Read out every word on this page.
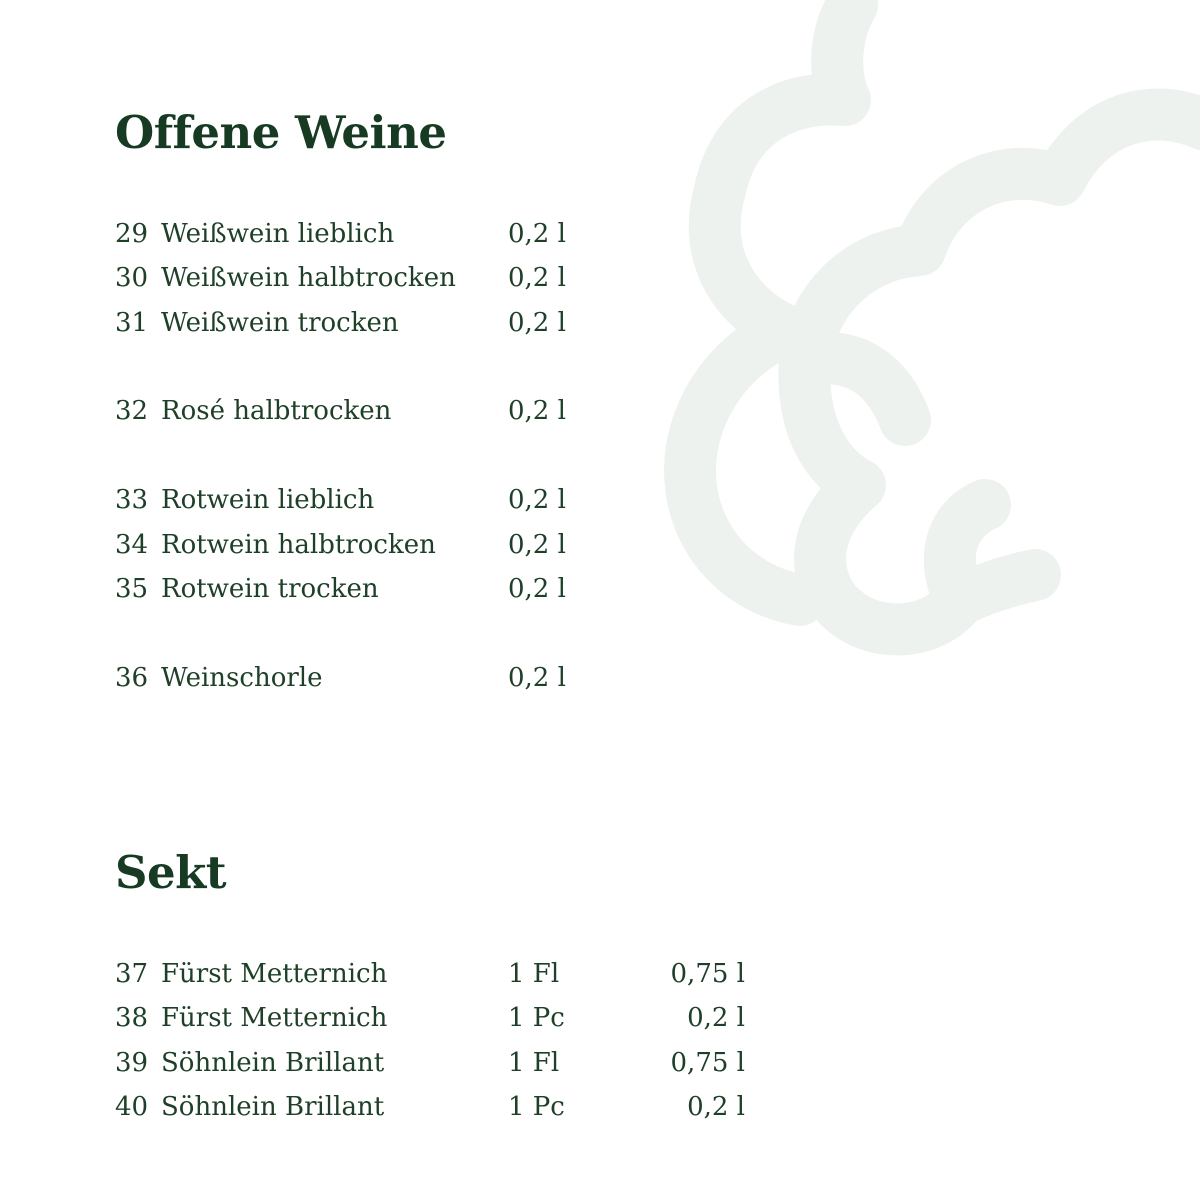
Offene Weine
29 Weißwein lieblich	0,2 l
30 Weißwein halbtrocken 0,2 l
31 Weißwein trocken	0,2 l
32 Rosé halbtrocken	0,2 l
33 Rotwein lieblich	0,2 l
34 Rotwein halbtrocken	0,2 l
35 Rotwein trocken	0,2 l
36 Weinschorle	0,2 l
Sekt
37 Fürst Metternich	1 Fl	0,75 l
38 Fürst Metternich	1 Pc	0,2 l
39 Söhnlein Brillant	1 Fl	0,75 l
40 Söhnlein Brillant	1 Pc	0,2 l
